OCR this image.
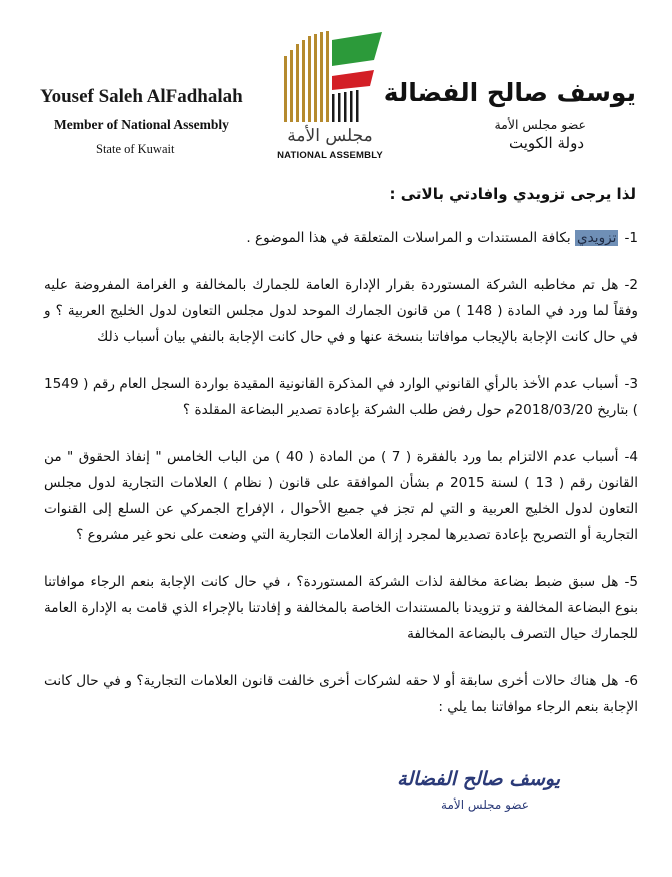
Yousef Saleh AlFadhalah
Member of National Assembly
State of Kuwait
مجلس الأمة
NATIONAL ASSEMBLY
يوسف صالح الفضالة
عضو مجلس الأمة
دولة الكويت
لذا يرجى تزويدي وافادتي بالاتى :
1-تزويدي بكافة المستندات و المراسلات المتعلقة في هذا الموضوع .
2-هل تم مخاطبه الشركة المستوردة بقرار الإدارة العامة للجمارك بالمخالفة و الغرامة المفروضة عليه وفقاً لما ورد في المادة ( 148 ) من قانون الجمارك الموحد لدول مجلس التعاون لدول الخليج العربية ؟ و في حال كانت الإجابة بالإيجاب موافاتنا بنسخة عنها و في حال كانت الإجابة بالنفي بيان أسباب ذلك
3-أسباب عدم الأخذ بالرأي القانوني الوارد في المذكرة القانونية المقيدة بواردة السجل العام رقم ( 1549 ) بتاريخ 2018/03/20م حول رفض طلب الشركة بإعادة تصدير البضاعة المقلدة ؟
4-أسباب عدم الالتزام بما ورد بالفقرة ( 7 ) من المادة ( 40 ) من الباب الخامس " إنفاذ الحقوق " من القانون رقم ( 13 ) لسنة 2015 م بشأن الموافقة على قانون ( نظام ) العلامات التجارية لدول مجلس التعاون لدول الخليج العربية و التي لم تجز في جميع الأحوال ، الإفراج الجمركي عن السلع إلى القنوات التجارية أو التصريح بإعادة تصديرها لمجرد إزالة العلامات التجارية التي وضعت على نحو غير مشروع ؟
5-هل سبق ضبط بضاعة مخالفة لذات الشركة المستوردة؟ ، في حال كانت الإجابة بنعم الرجاء موافاتنا بنوع البضاعة المخالفة و تزويدنا بالمستندات الخاصة بالمخالفة و إفادتنا بالإجراء الذي قامت به الإدارة العامة للجمارك حيال التصرف بالبضاعة المخالفة
6-هل هناك حالات أخرى سابقة أو لا حقه لشركات أخرى خالفت قانون العلامات التجارية؟ و في حال كانت الإجابة بنعم الرجاء موافاتنا بما يلي :
يوسف صالح الفضالة
عضو مجلس الأمة
